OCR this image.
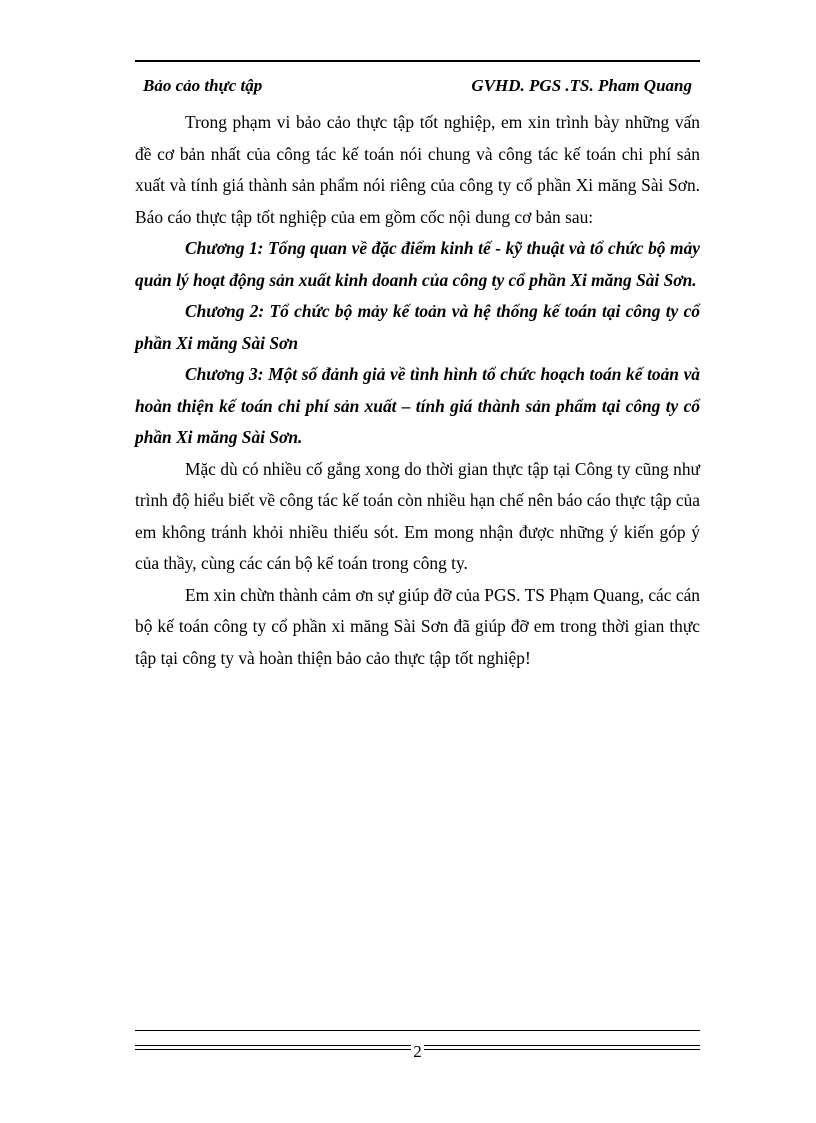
Bảo cảo thực tập	GVHD. PGS .TS. Pham Quang

Trong phạm vi bảo cảo thực tập tốt nghiệp, em xin trình bày những vấn đề cơ bản nhất của công tác kế toán nói chung và công tác kế toán chi phí sản xuất và tính giá thành sản phẩm nói riêng của công ty cổ phần Xi măng Sài Sơn. Báo cáo thực tập tốt nghiệp của em gồm cốc nội dung cơ bản sau:

Chương 1: Tổng quan về đặc điểm kinh tế - kỹ thuật và tổ chức bộ mảy quản lý hoạt động sản xuất kinh doanh của công ty cổ phần Xi măng Sài Sơn.

Chương 2: Tổ chức bộ mảy kế toản và hệ thống kế toán tại công ty cổ phần Xi măng Sài Sơn

Chương 3: Một số đảnh giả về tình hình tổ chức hoạch toán kế toản và hoàn thiện kế toán chi phí sản xuất – tính giá thành sản phẩm tại công ty cổ phần Xi măng Sài Sơn.

Mặc dù có nhiều cố gắng xong do thời gian thực tập tại Công ty cũng như trình độ hiểu biết về công tác kế toán còn nhiều hạn chế nên báo cáo thực tập của em không tránh khỏi nhiều thiếu sót. Em mong nhận được những ý kiến góp ý của thầy, cùng các cán bộ kế toán trong công ty.

Em xin chừn thành cảm ơn sự giúp đỡ của PGS. TS Phạm Quang, các cán bộ kế toán công ty cổ phần xi măng Sài Sơn đã giúp đỡ em trong thời gian thực tập tại công ty và hoàn thiện bảo cảo thực tập tốt nghiệp!

2
